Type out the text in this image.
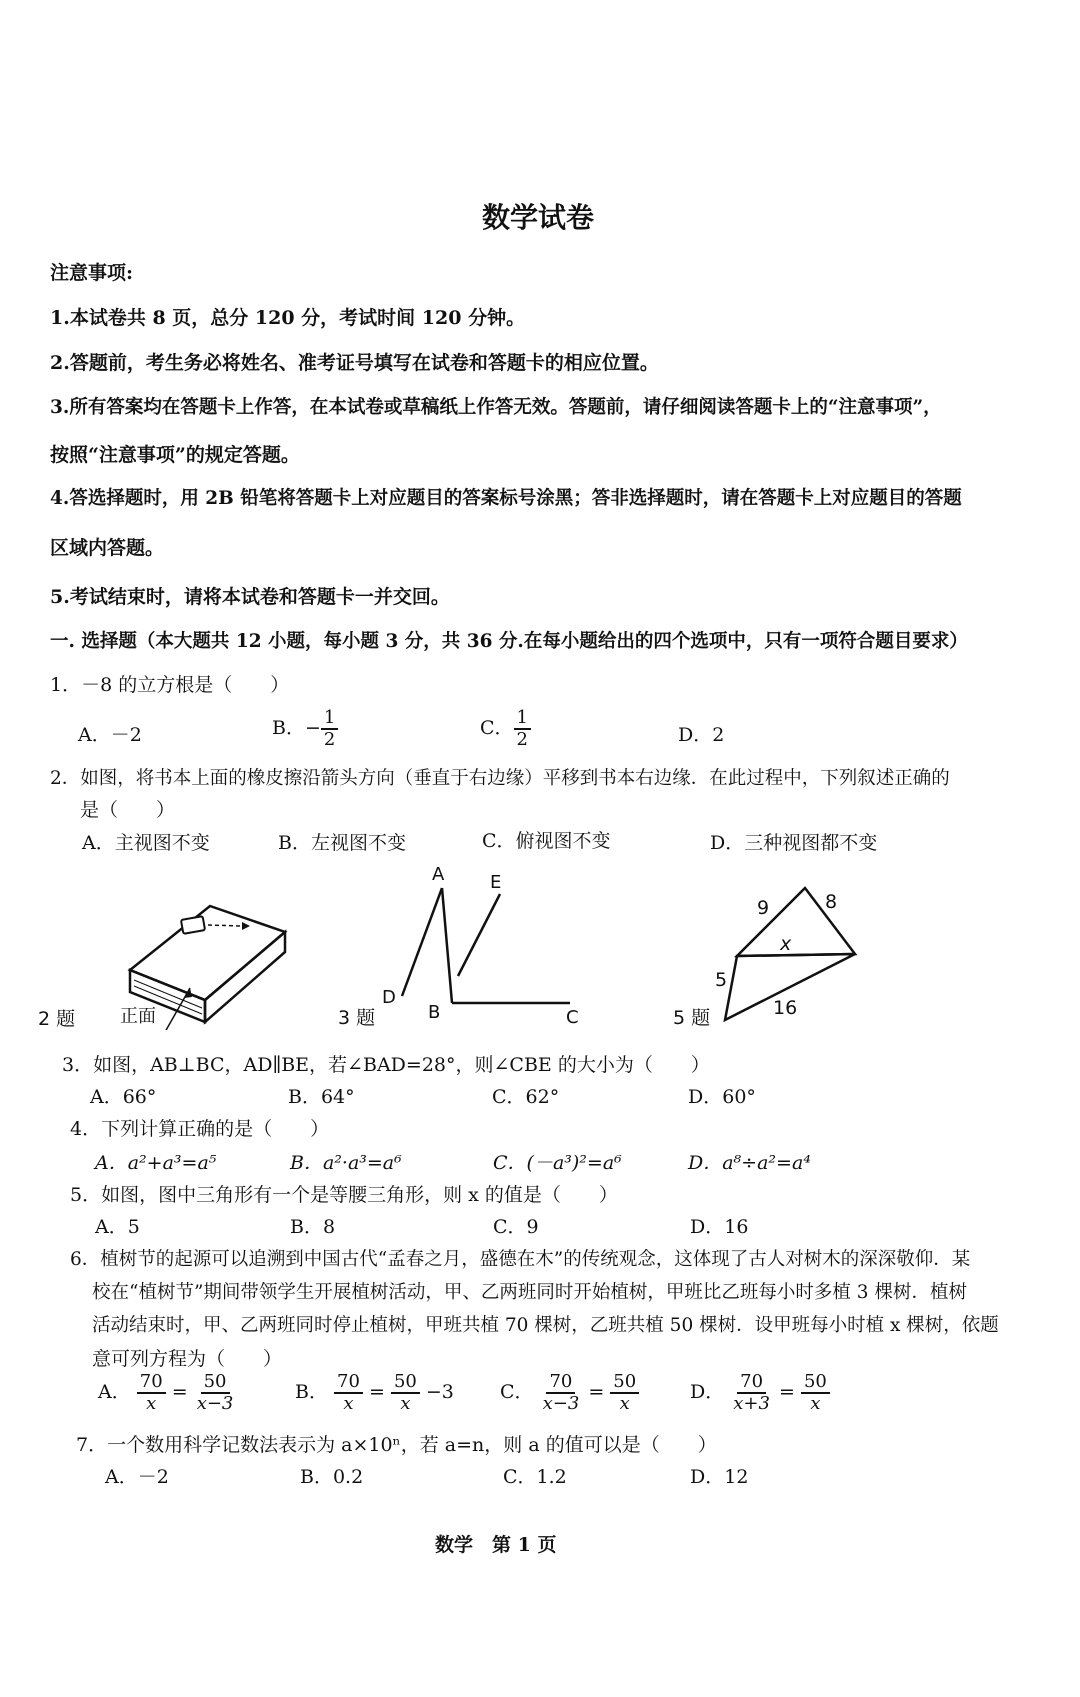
数学试卷
注意事项:
1.本试卷共 8 页，总分 120 分，考试时间 120 分钟。
2.答题前，考生务必将姓名、准考证号填写在试卷和答题卡的相应位置。
3.所有答案均在答题卡上作答，在本试卷或草稿纸上作答无效。答题前，请仔细阅读答题卡上的“注意事项”，
按照“注意事项”的规定答题。
4.答选择题时，用 2B 铅笔将答题卡上对应题目的答案标号涂黑；答非选择题时，请在答题卡上对应题目的答题
区域内答题。
5.考试结束时，请将本试卷和答题卡一并交回。
一. 选择题（本大题共 12 小题，每小题 3 分，共 36 分.在每小题给出的四个选项中，只有一项符合题目要求）
1．－8 的立方根是（　　）
A．－2	B．− $\frac{1}{2}$	C． $\frac{1}{2}$	D．2
2．如图，将书本上面的橡皮擦沿箭头方向（垂直于右边缘）平移到书本右边缘．在此过程中，下列叙述正确的
是（　　）
A．主视图不变	B．左视图不变	C．俯视图不变	D．三种视图都不变
2 题 正面
A	E
D
B	C
3 题
9	8
x
5
16
5 题
3．如图，AB⊥BC，AD∥BE，若∠BAD=28°，则∠CBE 的大小为（　　）
A．66°	B．64°	C．62°	D．60°
4．下列计算正确的是（　　）
A．a²+a³=a⁵	B．a²·a³=a⁶	C．(－a³)²=a⁶	D．a⁸÷a²=a⁴
5．如图，图中三角形有一个是等腰三角形，则 x 的值是（　　）
A．5	B．8	C．9	D．16
6．植树节的起源可以追溯到中国古代“孟春之月，盛德在木”的传统观念，这体现了古人对树木的深深敬仰．某
校在“植树节”期间带领学生开展植树活动，甲、乙两班同时开始植树，甲班比乙班每小时多植 3 棵树．植树
活动结束时，甲、乙两班同时停止植树，甲班共植 70 棵树，乙班共植 50 棵树．设甲班每小时植 x 棵树，依题
意可列方程为（　　）
A． $\frac{70}{x} = \frac{50}{x-3}$	B． $\frac{70}{x} = \frac{50}{x} -3$ C． $\frac{70}{x-3} = \frac{50}{x}$	D． $\frac{70}{x+3} = \frac{50}{x}$
7．一个数用科学记数法表示为 a×10ⁿ，若 a=n，则 a 的值可以是（　　）
A．－2	B．0.2	C．1.2	D．12
数学　第 1 页
